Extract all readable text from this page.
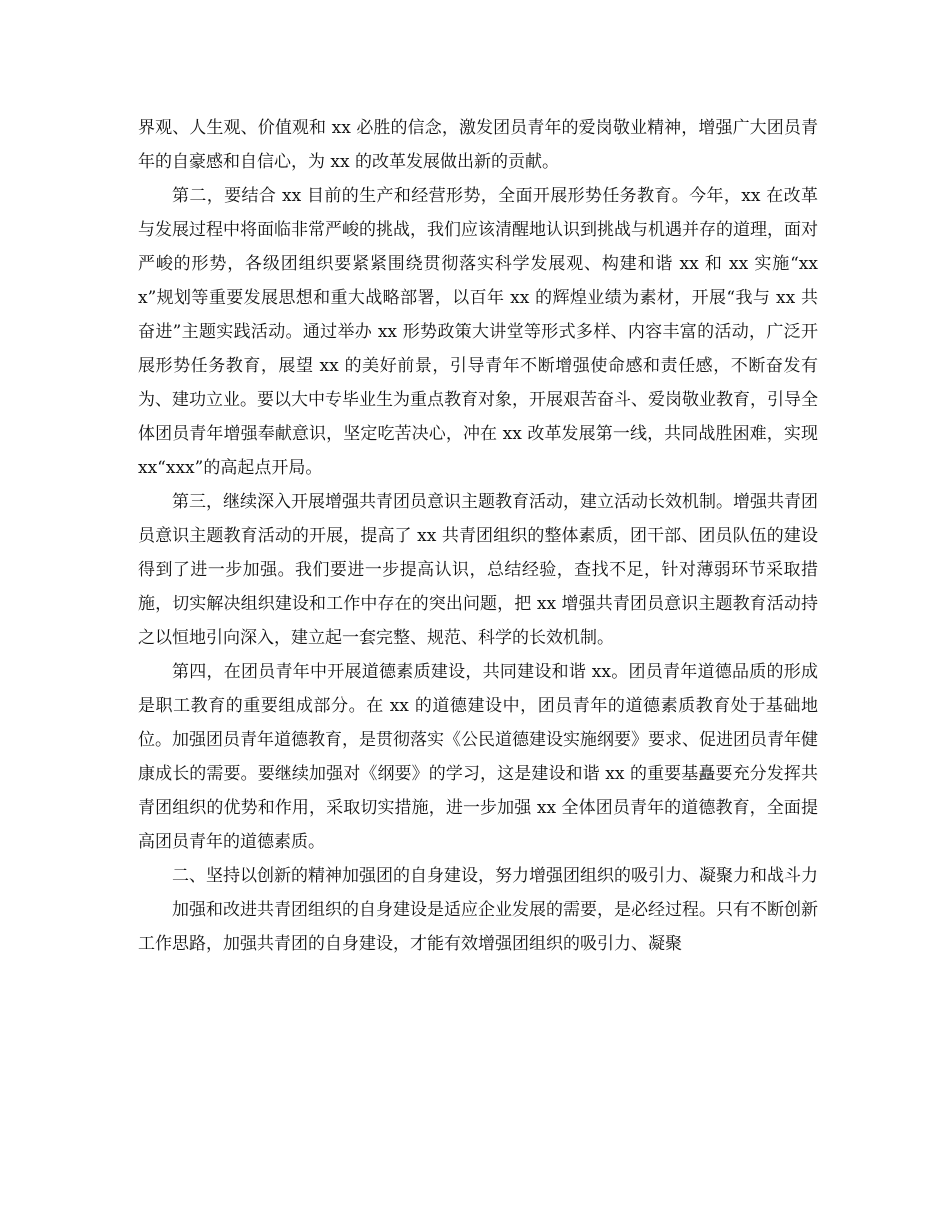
界观、人生观、价值观和 xx 必胜的信念，激发团员青年的爱岗敬业精神，增强广大团员青年的自豪感和自信心，为 xx 的改革发展做出新的贡献。

第二，要结合 xx 目前的生产和经营形势，全面开展形势任务教育。今年，xx 在改革与发展过程中将面临非常严峻的挑战，我们应该清醒地认识到挑战与机遇并存的道理，面对严峻的形势，各级团组织要紧紧围绕贯彻落实科学发展观、构建和谐 xx 和 xx 实施“xxx”规划等重要发展思想和重大战略部署，以百年 xx 的辉煌业绩为素材，开展“我与 xx 共奋进”主题实践活动。通过举办 xx 形势政策大讲堂等形式多样、内容丰富的活动，广泛开展形势任务教育，展望 xx 的美好前景，引导青年不断增强使命感和责任感，不断奋发有为、建功立业。要以大中专毕业生为重点教育对象，开展艰苦奋斗、爱岗敬业教育，引导全体团员青年增强奉献意识，坚定吃苦决心，冲在 xx 改革发展第一线，共同战胜困难，实现 xx“xxx”的高起点开局。

第三，继续深入开展增强共青团员意识主题教育活动，建立活动长效机制。增强共青团员意识主题教育活动的开展，提高了 xx 共青团组织的整体素质，团干部、团员队伍的建设得到了进一步加强。我们要进一步提高认识，总结经验，查找不足，针对薄弱环节采取措施，切实解决组织建设和工作中存在的突出问题，把 xx 增强共青团员意识主题教育活动持之以恒地引向深入，建立起一套完整、规范、科学的长效机制。

第四，在团员青年中开展道德素质建设，共同建设和谐 xx。团员青年道德品质的形成是职工教育的重要组成部分。在 xx 的道德建设中，团员青年的道德素质教育处于基础地位。加强团员青年道德教育，是贯彻落实《公民道德建设实施纲要》要求、促进团员青年健康成长的需要。要继续加强对《纲要》的学习，这是建设和谐 xx 的重要基矗要充分发挥共青团组织的优势和作用，采取切实措施，进一步加强 xx 全体团员青年的道德教育，全面提高团员青年的道德素质。

二、坚持以创新的精神加强团的自身建设，努力增强团组织的吸引力、凝聚力和战斗力

加强和改进共青团组织的自身建设是适应企业发展的需要，是必经过程。只有不断创新工作思路，加强共青团的自身建设，才能有效增强团组织的吸引力、凝聚
